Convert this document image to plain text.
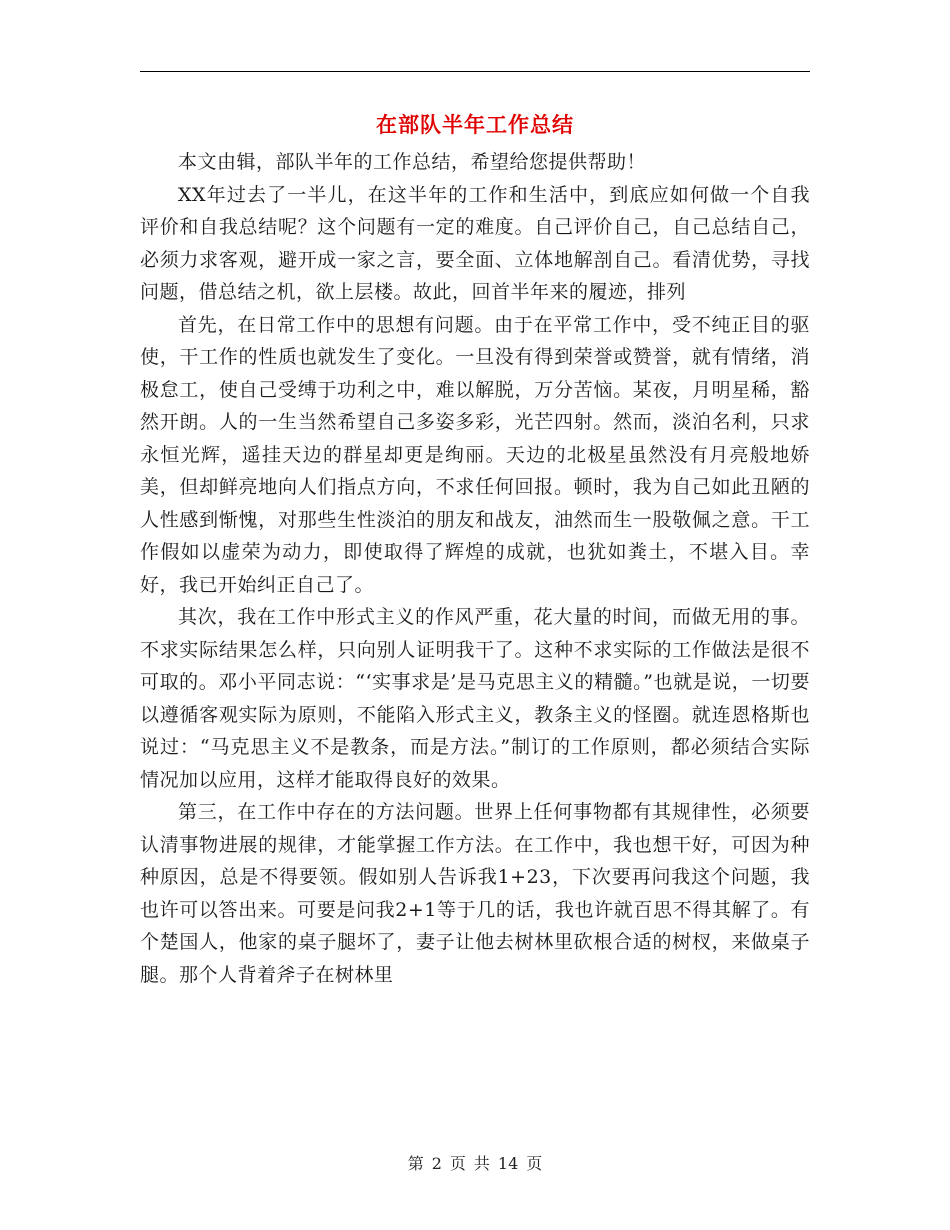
在部队半年工作总结

本文由辑，部队半年的工作总结，希望给您提供帮助！

XX年过去了一半儿，在这半年的工作和生活中，到底应如何做一个自我评价和自我总结呢？这个问题有一定的难度。自己评价自己，自己总结自己，必须力求客观，避开成一家之言，要全面、立体地解剖自己。看清优势，寻找问题，借总结之机，欲上层楼。故此，回首半年来的履迹，排列

首先，在日常工作中的思想有问题。由于在平常工作中，受不纯正目的驱使，干工作的性质也就发生了变化。一旦没有得到荣誉或赞誉，就有情绪，消极怠工，使自己受缚于功利之中，难以解脱，万分苦恼。某夜，月明星稀，豁然开朗。人的一生当然希望自己多姿多彩，光芒四射。然而，淡泊名利，只求永恒光辉，遥挂天边的群星却更是绚丽。天边的北极星虽然没有月亮般地娇美，但却鲜亮地向人们指点方向，不求任何回报。顿时，我为自己如此丑陋的人性感到惭愧，对那些生性淡泊的朋友和战友，油然而生一股敬佩之意。干工作假如以虚荣为动力，即使取得了辉煌的成就，也犹如粪土，不堪入目。幸好，我已开始纠正自己了。

其次，我在工作中形式主义的作风严重，花大量的时间，而做无用的事。不求实际结果怎么样，只向别人证明我干了。这种不求实际的工作做法是很不可取的。邓小平同志说：“‘实事求是’是马克思主义的精髓。”也就是说，一切要以遵循客观实际为原则，不能陷入形式主义，教条主义的怪圈。就连恩格斯也说过：“马克思主义不是教条，而是方法。”制订的工作原则，都必须结合实际情况加以应用，这样才能取得良好的效果。

第三，在工作中存在的方法问题。世界上任何事物都有其规律性，必须要认清事物进展的规律，才能掌握工作方法。在工作中，我也想干好，可因为种种原因，总是不得要领。假如别人告诉我1+23，下次要再问我这个问题，我也许可以答出来。可要是问我2+1等于几的话，我也许就百思不得其解了。有个楚国人，他家的桌子腿坏了，妻子让他去树林里砍根合适的树杈，来做桌子腿。那个人背着斧子在树林里

第 2 页 共 14 页
